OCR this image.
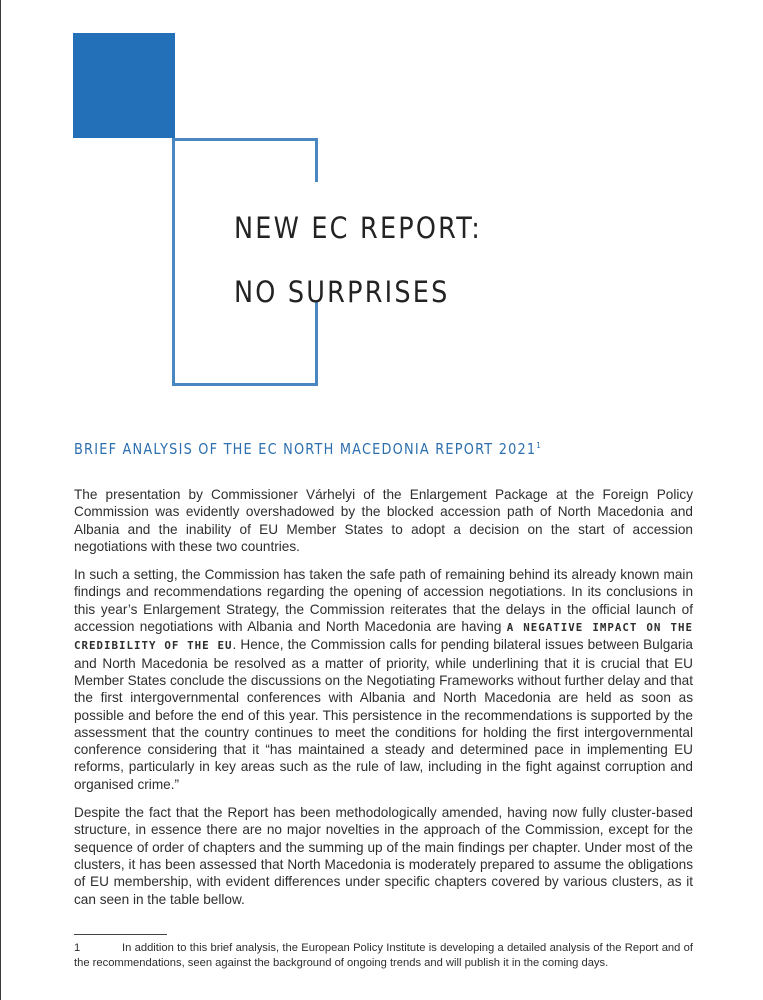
NEW EC REPORT:
NO SURPRISES
BRIEF ANALYSIS OF THE EC NORTH MACEDONIA REPORT 2021$^1$

The presentation by Commissioner Várhelyi of the Enlargement Package at the Foreign Policy Commission was evidently overshadowed by the blocked accession path of North Macedonia and Albania and the inability of EU Member States to adopt a decision on the start of accession negotiations with these two countries.

In such a setting, the Commission has taken the safe path of remaining behind its already known main findings and recommendations regarding the opening of accession negotiations. In its conclusions in this year’s Enlargement Strategy, the Commission reiterates that the delays in the official launch of accession negotiations with Albania and North Macedonia are having A NEGATIVE IMPACT ON THE CREDIBILITY OF THE EU. Hence, the Commission calls for pending bilateral issues between Bulgaria and North Macedonia be resolved as a matter of priority, while underlining that it is crucial that EU Member States conclude the discussions on the Negotiating Frameworks without further delay and that the first intergovernmental conferences with Albania and North Macedonia are held as soon as possible and before the end of this year. This persistence in the recommendations is supported by the assessment that the country continues to meet the conditions for holding the first intergovernmental conference considering that it “has maintained a steady and determined pace in implementing EU reforms, particularly in key areas such as the rule of law, including in the fight against corruption and organised crime.”

Despite the fact that the Report has been methodologically amended, having now fully cluster-based structure, in essence there are no major novelties in the approach of the Commission, except for the sequence of order of chapters and the summing up of the main findings per chapter. Under most of the clusters, it has been assessed that North Macedonia is moderately prepared to assume the obligations of EU membership, with evident differences under specific chapters covered by various clusters, as it can seen in the table bellow.

1	In addition to this brief analysis, the European Policy Institute is developing a detailed analysis of the Report and of the recommendations, seen against the background of ongoing trends and will publish it in the coming days.
